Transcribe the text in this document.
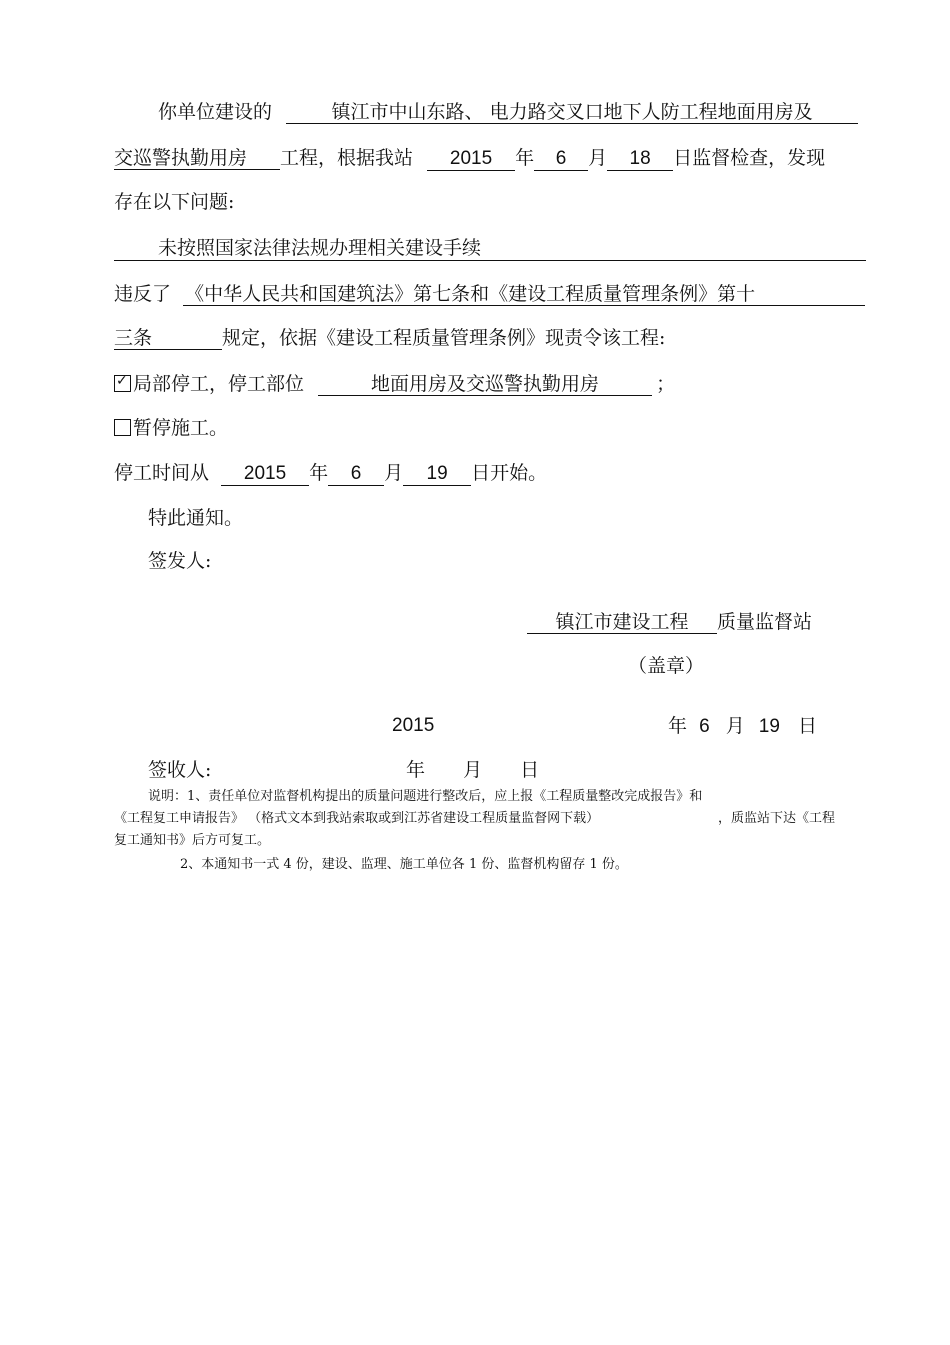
你单位建设的	镇江市中山东路、 电力路交叉口地下人防工程地面用房及
交巡警执勤用房 工程，根据我站 2015 年 6 月 18 日监督检查，发现
存在以下问题:
未按照国家法律法规办理相关建设手续
违反了 《中华人民共和国建筑法》第七条和《建设工程质量管理条例》第十
三条	规定，依据《建设工程质量管理条例》现责令该工程:
✓ 局部停工，停工部位	地面用房及交巡警执勤用房	；
暂停施工。
停工时间从 2015 年 6 月 19 日开始。
特此通知。
签发人:
镇江市建设工程 质量监督站
（盖章）
2015	年 6 月 19 日
签收人:	年 月 日
说明：1、责任单位对监督机构提出的质量问题进行整改后，应上报《工程质量整改完成报告》和
《工程复工申请报告》 （格式文本到我站索取或到江苏省建设工程质量监督网下载）	，质监站下达《工程
复工通知书》后方可复工。
2、本通知书一式 4 份，建设、监理、施工单位各 1 份、监督机构留存 1 份。
